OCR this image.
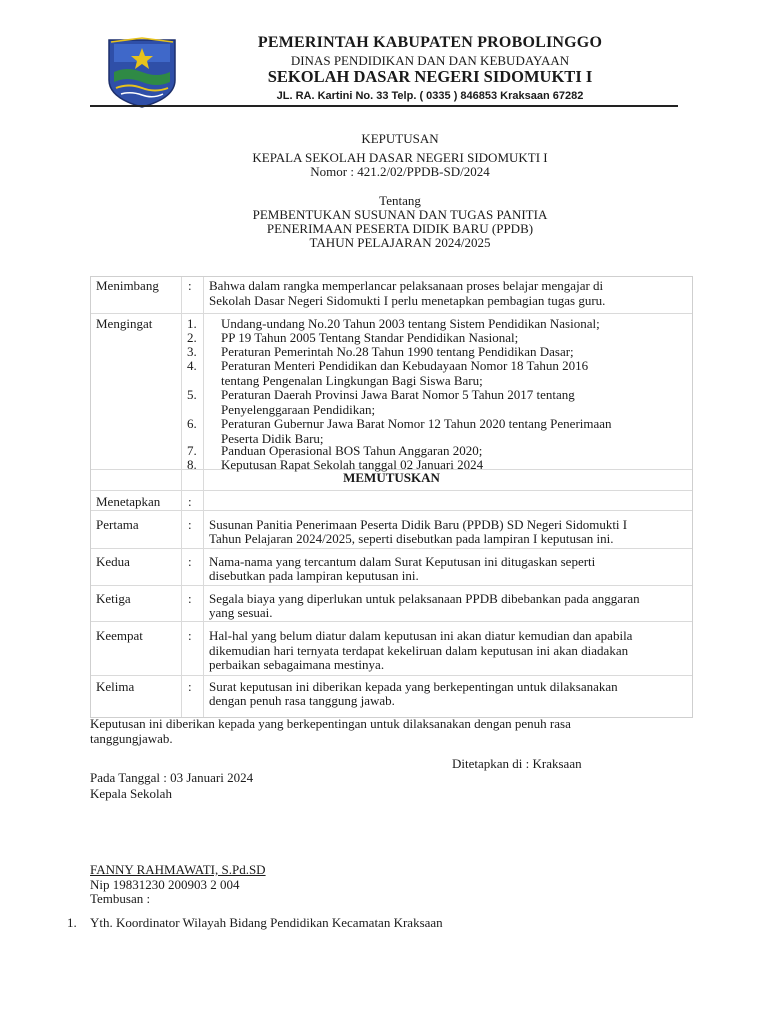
PEMERINTAH KABUPATEN PROBOLINGGO
DINAS PENDIDIKAN DAN DAN KEBUDAYAAN
SEKOLAH DASAR NEGERI SIDOMUKTI I
JL. RA. Kartini No. 33 Telp. ( 0335 ) 846853 Kraksaan 67282
KEPUTUSAN
KEPALA SEKOLAH DASAR NEGERI SIDOMUKTI I
Nomor : 421.2/02/PPDB-SD/2024
Tentang
PEMBENTUKAN SUSUNAN DAN TUGAS PANITIA
PENERIMAAN PESERTA DIDIK BARU (PPDB)
TAHUN PELAJARAN 2024/2025
Menimbang : Bahwa dalam rangka memperlancar pelaksanaan proses belajar mengajar di
Sekolah Dasar Negeri Sidomukti I perlu menetapkan pembagian tugas guru.
Mengingat	1.	Undang-undang No.20 Tahun 2003 tentang Sistem Pendidikan Nasional;
2.	PP 19 Tahun 2005 Tentang Standar Pendidikan Nasional;
3.	Peraturan Pemerintah No.28 Tahun 1990 tentang Pendidikan Dasar;
4.	Peraturan Menteri Pendidikan dan Kebudayaan Nomor 18 Tahun 2016
tentang Pengenalan Lingkungan Bagi Siswa Baru;
5.	Peraturan Daerah Provinsi Jawa Barat Nomor 5 Tahun 2017 tentang
Penyelenggaraan Pendidikan;
6.	Peraturan Gubernur Jawa Barat Nomor 12 Tahun 2020 tentang Penerimaan
Peserta Didik Baru;
7.	Panduan Operasional BOS Tahun Anggaran 2020;
8.	Keputusan Rapat Sekolah tanggal 02 Januari 2024
MEMUTUSKAN
Menetapkan :
Pertama	: Susunan Panitia Penerimaan Peserta Didik Baru (PPDB) SD Negeri Sidomukti I
Tahun Pelajaran 2024/2025, seperti disebutkan pada lampiran I keputusan ini.
Kedua	: Nama-nama yang tercantum dalam Surat Keputusan ini ditugaskan seperti
disebutkan pada lampiran keputusan ini.
Ketiga	: Segala biaya yang diperlukan untuk pelaksanaan PPDB dibebankan pada anggaran
yang sesuai.
Keempat	: Hal-hal yang belum diatur dalam keputusan ini akan diatur kemudian dan apabila
dikemudian hari ternyata terdapat kekeliruan dalam keputusan ini akan diadakan
perbaikan sebagaimana mestinya.
Kelima	: Surat keputusan ini diberikan kepada yang berkepentingan untuk dilaksanakan
dengan penuh rasa tanggung jawab.
Keputusan ini diberikan kepada yang berkepentingan untuk dilaksanakan dengan penuh rasa
tanggungjawab.
Ditetapkan di : Kraksaan
Pada Tanggal : 03 Januari 2024
Kepala Sekolah
FANNY RAHMAWATI, S.Pd.SD
Nip 19831230 200903 2 004
Tembusan :
1. Yth. Koordinator Wilayah Bidang Pendidikan Kecamatan Kraksaan
